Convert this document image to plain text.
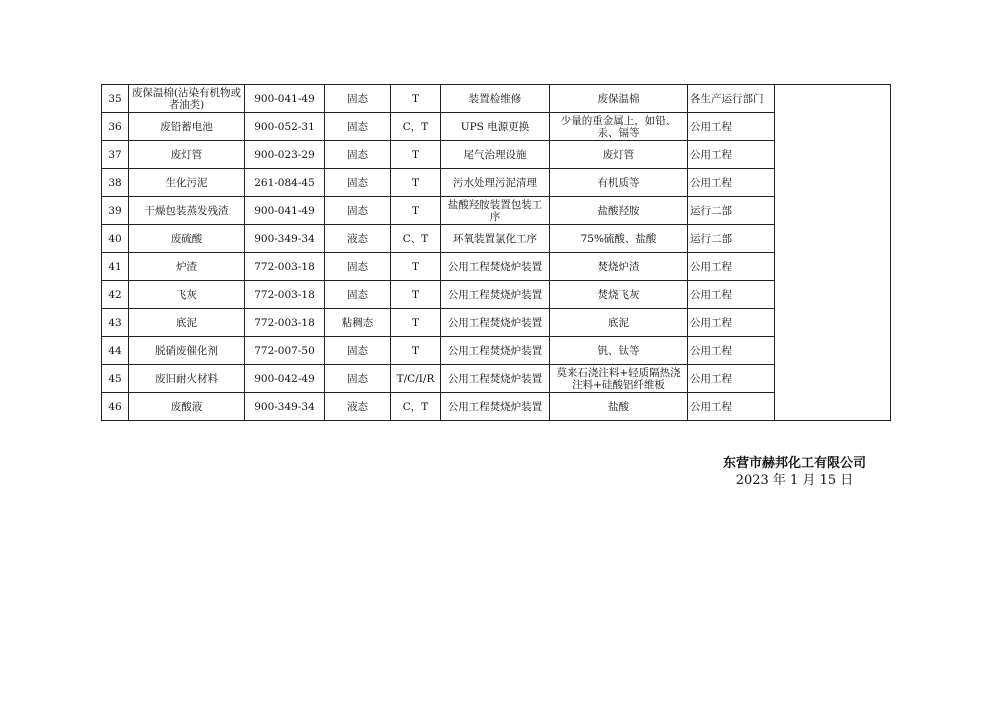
35	废保温棉(沾染有机物或者油类)	900-041-49	固态	T	装置检维修	废保温棉	各生产运行部门	
36	废铅蓄电池	900-052-31	固态	C，T	UPS 电源更换	少量的重金属上，如铅、汞、镉等	公用工程	
37	废灯管	900-023-29	固态	T	尾气治理设施	废灯管	公用工程	
38	生化污泥	261-084-45	固态	T	污水处理污泥清理	有机质等	公用工程	
39	干燥包装蒸发残渣	900-041-49	固态	T	盐酸羟胺装置包装工序	盐酸羟胺	运行二部	
40	废硫酸	900-349-34	液态	C、T	环氧装置氯化工序	75%硫酸、盐酸	运行二部	
41	炉渣	772-003-18	固态	T	公用工程焚烧炉装置	焚烧炉渣	公用工程	
42	飞灰	772-003-18	固态	T	公用工程焚烧炉装置	焚烧飞灰	公用工程	
43	底泥	772-003-18	粘稠态	T	公用工程焚烧炉装置	底泥	公用工程	
44	脱硝废催化剂	772-007-50	固态	T	公用工程焚烧炉装置	钒、钛等	公用工程	
45	废旧耐火材料	900-042-49	固态	T/C/I/R	公用工程焚烧炉装置	莫来石浇注料+轻质隔热浇注料+硅酸铝纤维板	公用工程	
46	废酸液	900-349-34	液态	C，T	公用工程焚烧炉装置	盐酸	公用工程	
东营市赫邦化工有限公司
2023 年 1 月 15 日
